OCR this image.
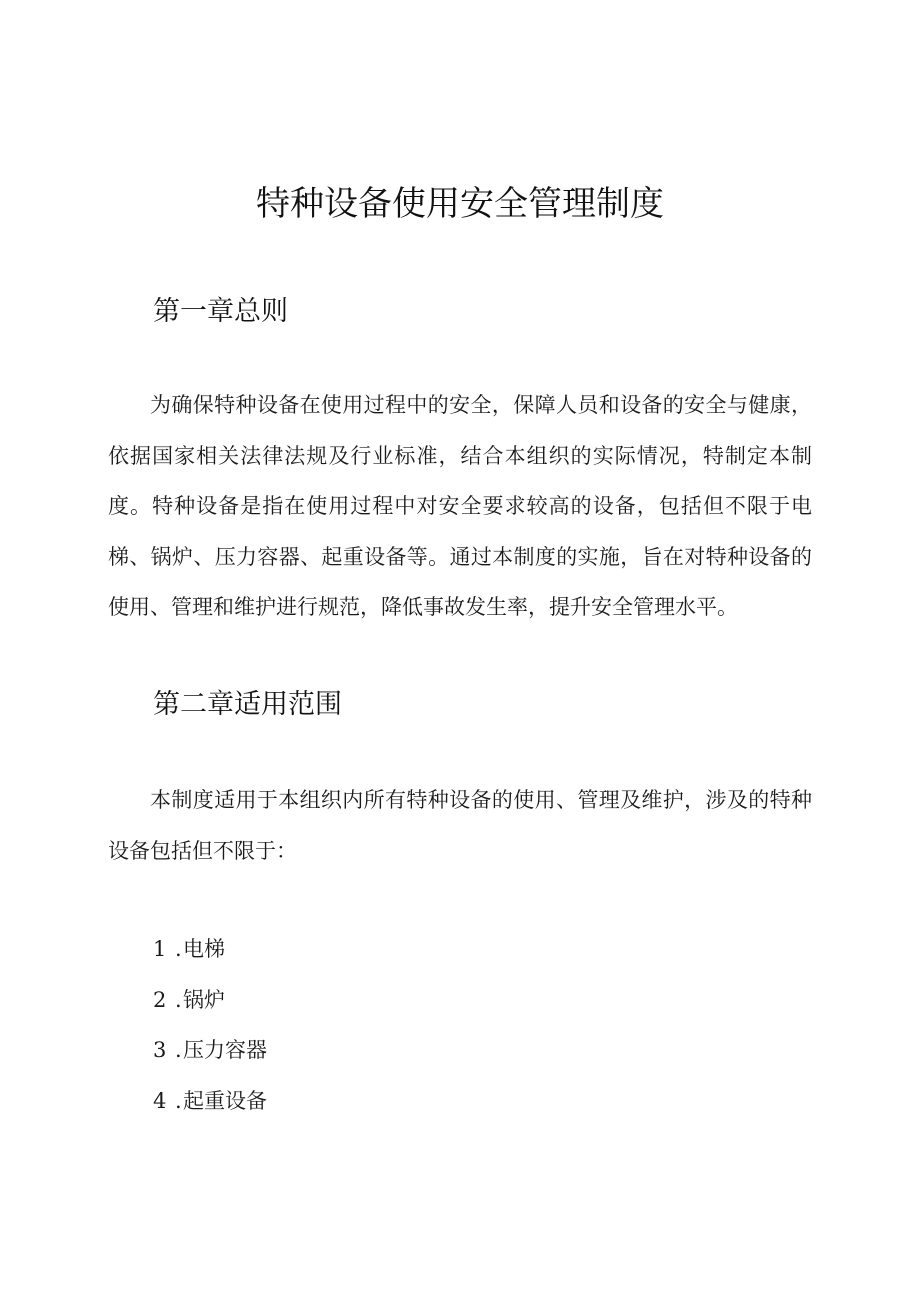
特种设备使用安全管理制度
第一章总则

为确保特种设备在使用过程中的安全，保障人员和设备的安全与健康，依据国家相关法律法规及行业标准，结合本组织的实际情况，特制定本制度。特种设备是指在使用过程中对安全要求较高的设备，包括但不限于电梯、锅炉、压力容器、起重设备等。通过本制度的实施，旨在对特种设备的使用、管理和维护进行规范，降低事故发生率，提升安全管理水平。

第二章适用范围

本制度适用于本组织内所有特种设备的使用、管理及维护，涉及的特种设备包括但不限于：

1 .电梯
2 .锅炉
3 .压力容器
4 .起重设备
